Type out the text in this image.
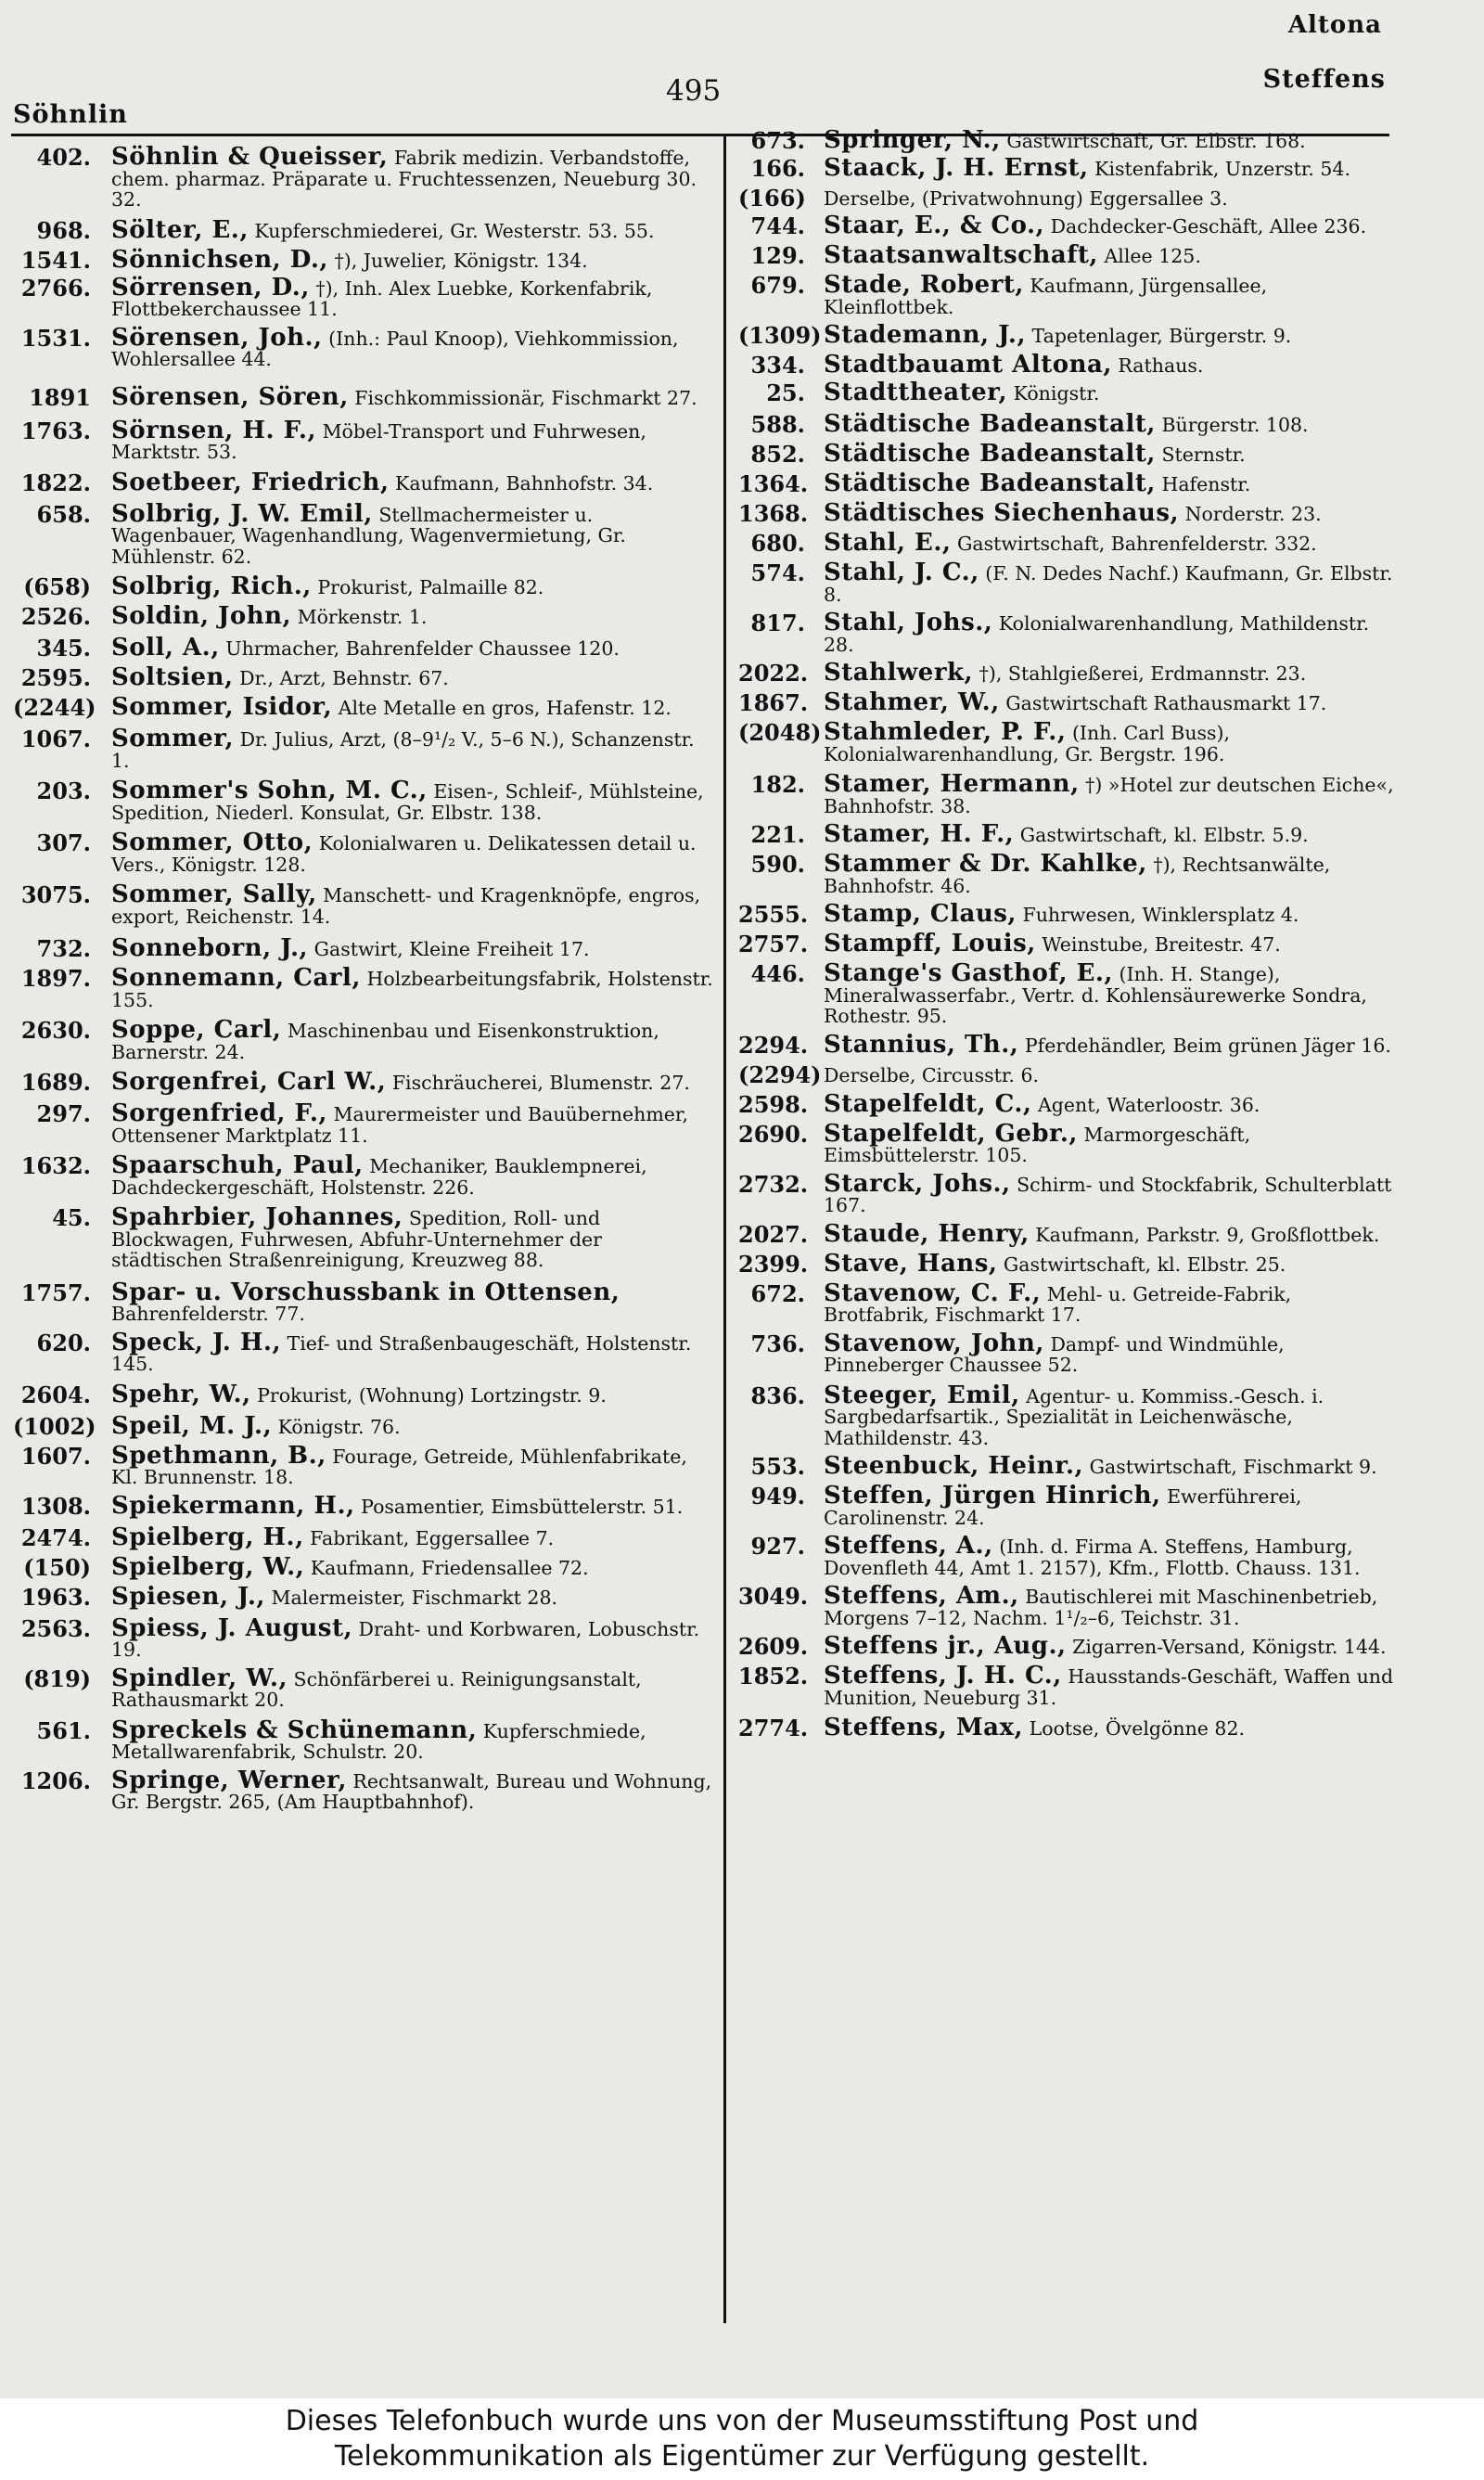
Söhnlin
495
Altona
Steffens
402. Söhnlin & Queisser, Fabrik medizin. Verbandstoffe, chem. pharmaz. Präparate u. Fruchtessenzen, Neueburg 30. 32.
968. Sölter, E., Kupferschmiederei, Gr. Westerstr. 53. 55.
1541. Sönnichsen, D., †), Juwelier, Königstr. 134.
2766. Sörrensen, D., †), Inh. Alex Luebke, Korkenfabrik, Flottbekerchaussee 11.
1531. Sörensen, Joh., (Inh.: Paul Knoop), Viehkommission, Wohlersallee 44.
1891 Sörensen, Sören, Fischkommissionär, Fischmarkt 27.
1763. Sörnsen, H. F., Möbel-Transport und Fuhrwesen, Marktstr. 53.
1822. Soetbeer, Friedrich, Kaufmann, Bahnhofstr. 34.
658. Solbrig, J. W. Emil, Stellmachermeister u. Wagenbauer, Wagenhandlung, Wagenvermietung, Gr. Mühlenstr. 62.
(658) Solbrig, Rich., Prokurist, Palmaille 82.
2526. Soldin, John, Mörkenstr. 1.
345. Soll, A., Uhrmacher, Bahrenfelder Chaussee 120.
2595. Soltsien, Dr., Arzt, Behnstr. 67.
(2244) Sommer, Isidor, Alte Metalle en gros, Hafenstr. 12.
1067. Sommer, Dr. Julius, Arzt, (8–9¹/₂ V., 5–6 N.), Schanzenstr. 1.
203. Sommer's Sohn, M. C., Eisen-, Schleif-, Mühlsteine, Spedition, Niederl. Konsulat, Gr. Elbstr. 138.
307. Sommer, Otto, Kolonialwaren u. Delikatessen detail u. Vers., Königstr. 128.
3075. Sommer, Sally, Manschett- und Kragenknöpfe, engros, export, Reichenstr. 14.
732. Sonneborn, J., Gastwirt, Kleine Freiheit 17.
1897. Sonnemann, Carl, Holzbearbeitungsfabrik, Holstenstr. 155.
2630. Soppe, Carl, Maschinenbau und Eisenkonstruktion, Barnerstr. 24.
1689. Sorgenfrei, Carl W., Fischräucherei, Blumenstr. 27.
297. Sorgenfried, F., Maurermeister und Bauübernehmer, Ottensener Marktplatz 11.
1632. Spaarschuh, Paul, Mechaniker, Bauklempnerei, Dachdeckergeschäft, Holstenstr. 226.
45. Spahrbier, Johannes, Spedition, Roll- und Blockwagen, Fuhrwesen, Abfuhr-Unternehmer der städtischen Straßenreinigung, Kreuzweg 88.
1757. Spar- u. Vorschussbank in Ottensen, Bahrenfelderstr. 77.
620. Speck, J. H., Tief- und Straßenbaugeschäft, Holstenstr. 145.
2604. Spehr, W., Prokurist, (Wohnung) Lortzingstr. 9.
(1002) Speil, M. J., Königstr. 76.
1607. Spethmann, B., Fourage, Getreide, Mühlenfabrikate, Kl. Brunnenstr. 18.
1308. Spiekermann, H., Posamentier, Eimsbüttelerstr. 51.
2474. Spielberg, H., Fabrikant, Eggersallee 7.
(150) Spielberg, W., Kaufmann, Friedensallee 72.
1963. Spiesen, J., Malermeister, Fischmarkt 28.
2563. Spiess, J. August, Draht- und Korbwaren, Lobuschstr. 19.
(819) Spindler, W., Schönfärberei u. Reinigungsanstalt, Rathausmarkt 20.
561. Spreckels & Schünemann, Kupferschmiede, Metallwarenfabrik, Schulstr. 20.
1206. Springe, Werner, Rechtsanwalt, Bureau und Wohnung, Gr. Bergstr. 265, (Am Hauptbahnhof).
673. Springer, N., Gastwirtschaft, Gr. Elbstr. 168.
166. Staack, J. H. Ernst, Kistenfabrik, Unzerstr. 54.
(166) Derselbe, (Privatwohnung) Eggersallee 3.
744. Staar, E., & Co., Dachdecker-Geschäft, Allee 236.
129. Staatsanwaltschaft, Allee 125.
679. Stade, Robert, Kaufmann, Jürgensallee, Kleinflottbek.
(1309) Stademann, J., Tapetenlager, Bürgerstr. 9.
334. Stadtbauamt Altona, Rathaus.
25. Stadttheater, Königstr.
588. Städtische Badeanstalt, Bürgerstr. 108.
852. Städtische Badeanstalt, Sternstr.
1364. Städtische Badeanstalt, Hafenstr.
1368. Städtisches Siechenhaus, Norderstr. 23.
680. Stahl, E., Gastwirtschaft, Bahrenfelderstr. 332.
574. Stahl, J. C., (F. N. Dedes Nachf.) Kaufmann, Gr. Elbstr. 8.
817. Stahl, Johs., Kolonialwarenhandlung, Mathildenstr. 28.
2022. Stahlwerk, †), Stahlgießerei, Erdmannstr. 23.
1867. Stahmer, W., Gastwirtschaft Rathausmarkt 17.
(2048) Stahmleder, P. F., (Inh. Carl Buss), Kolonialwarenhandlung, Gr. Bergstr. 196.
182. Stamer, Hermann, †) »Hotel zur deutschen Eiche«, Bahnhofstr. 38.
221. Stamer, H. F., Gastwirtschaft, kl. Elbstr. 5.9.
590. Stammer & Dr. Kahlke, †), Rechtsanwälte, Bahnhofstr. 46.
2555. Stamp, Claus, Fuhrwesen, Winklersplatz 4.
2757. Stampff, Louis, Weinstube, Breitestr. 47.
446. Stange's Gasthof, E., (Inh. H. Stange), Mineralwasserfabr., Vertr. d. Kohlensäurewerke Sondra, Rothestr. 95.
2294. Stannius, Th., Pferdehändler, Beim grünen Jäger 16.
(2294) Derselbe, Circusstr. 6.
2598. Stapelfeldt, C., Agent, Waterloostr. 36.
2690. Stapelfeldt, Gebr., Marmorgeschäft, Eimsbüttelerstr. 105.
2732. Starck, Johs., Schirm- und Stockfabrik, Schulterblatt 167.
2027. Staude, Henry, Kaufmann, Parkstr. 9, Großflottbek.
2399. Stave, Hans, Gastwirtschaft, kl. Elbstr. 25.
672. Stavenow, C. F., Mehl- u. Getreide-Fabrik, Brotfabrik, Fischmarkt 17.
736. Stavenow, John, Dampf- und Windmühle, Pinneberger Chaussee 52.
836. Steeger, Emil, Agentur- u. Kommiss.-Gesch. i. Sargbedarfsartik., Spezialität in Leichenwäsche, Mathildenstr. 43.
553. Steenbuck, Heinr., Gastwirtschaft, Fischmarkt 9.
949. Steffen, Jürgen Hinrich, Ewerführerei, Carolinenstr. 24.
927. Steffens, A., (Inh. d. Firma A. Steffens, Hamburg, Dovenfleth 44, Amt 1. 2157), Kfm., Flottb. Chauss. 131.
3049. Steffens, Am., Bautischlerei mit Maschinenbetrieb, Morgens 7–12, Nachm. 1¹/₂–6, Teichstr. 31.
2609. Steffens jr., Aug., Zigarren-Versand, Königstr. 144.
1852. Steffens, J. H. C., Hausstands-Geschäft, Waffen und Munition, Neueburg 31.
2774. Steffens, Max, Lootse, Övelgönne 82.
Dieses Telefonbuch wurde uns von der Museumsstiftung Post und
Telekommunikation als Eigentümer zur Verfügung gestellt.
